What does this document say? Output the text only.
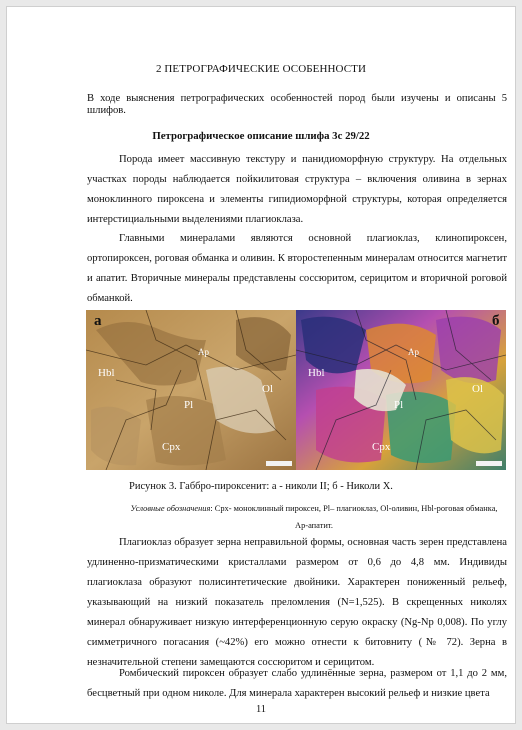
2 ПЕТРОГРАФИЧЕСКИЕ ОСОБЕННОСТИ

В ходе выяснения петрографических особенностей пород были изучены и описаны 5 шлифов.

Петрографическое описание шлифа 3с 29/22

Порода имеет массивную текстуру и панидиоморфную структуру. На отдельных участках породы наблюдается пойкилитовая структура – включения оливина в зернах моноклинного пироксена и элементы гипидиоморфной структуры, которая определяется интерстициальными выделениями плагиоклаза.

Главными минералами являются основной плагиоклаз, клинопироксен, ортопироксен, роговая обманка и оливин. К второстепенным минералам относится магнетит и апатит. Вторичные минералы представлены соссюритом, серицитом и вторичной роговой обманкой.

а
Ap
Hbl
Ol
Pl
Cpx
б
Ap
Hbl
Ol
Pl
Cpx
Рисунок 3. Габбро-пироксенит: а - николи II; б - Николи X.
Условные обозначения: Cpx- моноклинный пироксен, Pl– плагиоклаз, Ol-оливин, Hbl-роговая обманка, Ap-апатит.

Плагиоклаз образует зерна неправильной формы, основная часть зерен представлена удлиненно-призматическими кристаллами размером от 0,6 до 4,8 мм. Индивиды плагиоклаза образуют полисинтетические двойники. Характерен пониженный рельеф, указывающий на низкий показатель преломления (N=1,525). В скрещенных николях минерал обнаруживает низкую интерференционную серую окраску (Ng-Np 0,008). По углу симметричного погасания (~42%) его можно отнести к битовниту (№ 72). Зерна в незначительной степени замещаются соссюритом и серицитом.

Ромбический пироксен образует слабо удлинённые зерна, размером от 1,1 до 2 мм, бесцветный при одном николе. Для минерала характерен высокий рельеф и низкие цвета

11
